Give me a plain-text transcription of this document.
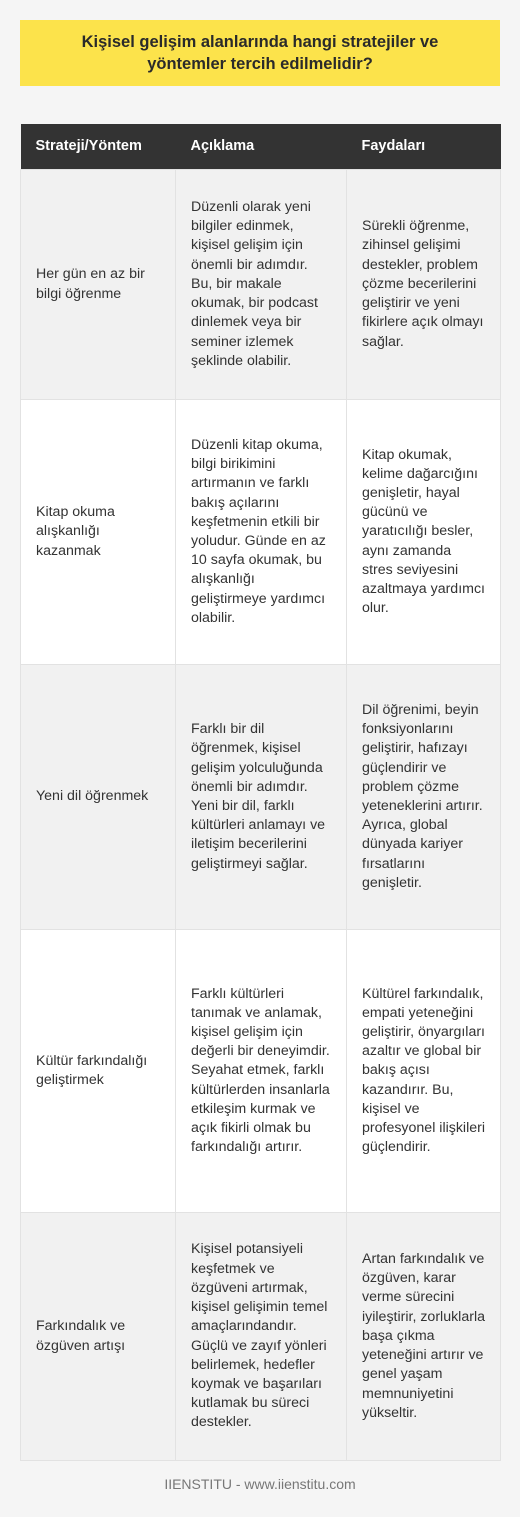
Kişisel gelişim alanlarında hangi stratejiler ve yöntemler tercih edilmelidir?
Strateji/Yöntem	Açıklama	Faydaları
Her gün en az bir bilgi öğrenme	Düzenli olarak yeni bilgiler edinmek, kişisel gelişim için önemli bir adımdır. Bu, bir makale okumak, bir podcast dinlemek veya bir seminer izlemek şeklinde olabilir.	Sürekli öğrenme, zihinsel gelişimi destekler, problem çözme becerilerini geliştirir ve yeni fikirlere açık olmayı sağlar.
Kitap okuma alışkanlığı kazanmak	Düzenli kitap okuma, bilgi birikimini artırmanın ve farklı bakış açılarını keşfetmenin etkili bir yoludur. Günde en az 10 sayfa okumak, bu alışkanlığı geliştirmeye yardımcı olabilir.	Kitap okumak, kelime dağarcığını genişletir, hayal gücünü ve yaratıcılığı besler, aynı zamanda stres seviyesini azaltmaya yardımcı olur.
Yeni dil öğrenmek	Farklı bir dil öğrenmek, kişisel gelişim yolculuğunda önemli bir adımdır. Yeni bir dil, farklı kültürleri anlamayı ve iletişim becerilerini geliştirmeyi sağlar.	Dil öğrenimi, beyin fonksiyonlarını geliştirir, hafızayı güçlendirir ve problem çözme yeteneklerini artırır. Ayrıca, global dünyada kariyer fırsatlarını genişletir.
Kültür farkındalığı geliştirmek	Farklı kültürleri tanımak ve anlamak, kişisel gelişim için değerli bir deneyimdir. Seyahat etmek, farklı kültürlerden insanlarla etkileşim kurmak ve açık fikirli olmak bu farkındalığı artırır.	Kültürel farkındalık, empati yeteneğini geliştirir, önyargıları azaltır ve global bir bakış açısı kazandırır. Bu, kişisel ve profesyonel ilişkileri güçlendirir.
Farkındalık ve özgüven artışı	Kişisel potansiyeli keşfetmek ve özgüveni artırmak, kişisel gelişimin temel amaçlarındandır. Güçlü ve zayıf yönleri belirlemek, hedefler koymak ve başarıları kutlamak bu süreci destekler.	Artan farkındalık ve özgüven, karar verme sürecini iyileştirir, zorluklarla başa çıkma yeteneğini artırır ve genel yaşam memnuniyetini yükseltir.
IIENSTITU - www.iienstitu.com
